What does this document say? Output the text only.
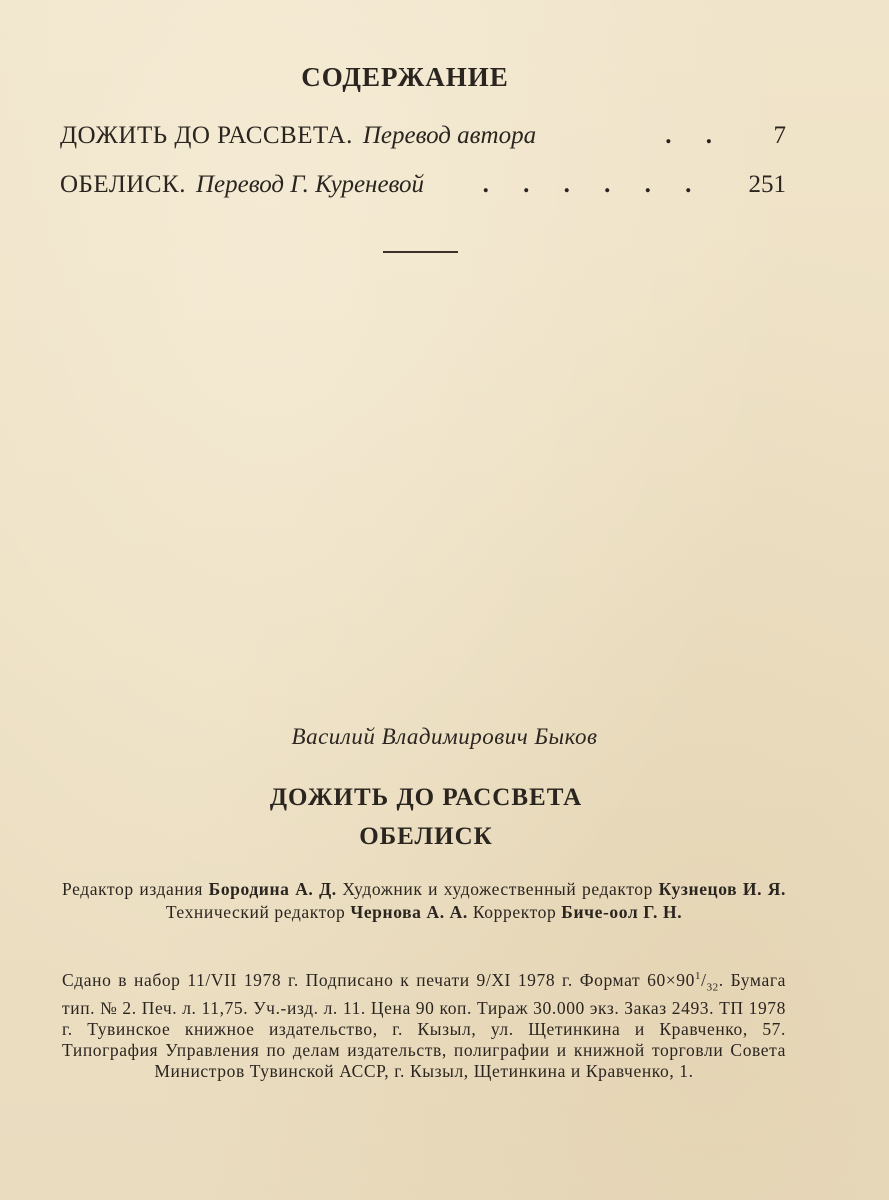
СОДЕРЖАНИЕ
ДОЖИТЬ ДО РАССВЕТА. Перевод автора	. .	7
ОБЕЛИСК. Перевод Г. Куреневой	. . . . . .	251
Василий Владимирович Быков
ДОЖИТЬ ДО РАССВЕТА
ОБЕЛИСК
Редактор издания Бородина А. Д. Художник и художественный редактор Кузнецов И. Я. Технический редактор Чернова А. А. Корректор Биче-оол Г. Н.
Сдано в набор 11/VII 1978 г. Подписано к печати 9/XI 1978 г. Формат $60\times 90^1/_{32}$. Бумага тип. № 2. Печ. л. 11,75. Уч.-изд. л. 11. Цена 90 коп. Тираж 30.000 экз. Заказ 2493. ТП 1978 г. Тувинское книжное издательство, г. Кызыл, ул. Щетинкина и Кравченко, 57. Типография Управления по делам издательств, полиграфии и книжной торговли Совета Министров Тувинской АССР, г. Кызыл, Щетинкина и Кравченко, 1.
